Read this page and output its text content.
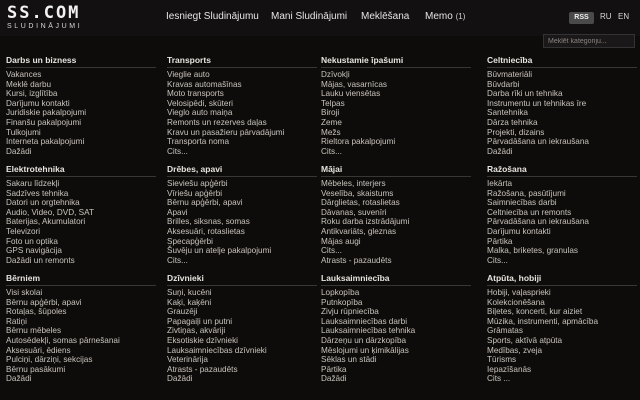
SS.COM
SLUDINĀJUMI
Iesniegt Sludinājumu Mani Sludinājumi Meklēšana Memo (1)	RSS	RU EN
Meklēt kategoriju...
Darbs un bizness
Vakances
Meklē darbu
Kursi, izglītība
Darījumu kontakti
Juridiskie pakalpojumi
Finanšu pakalpojumi
Tulkojumi
Interneta pakalpojumi
Dažādi
Transports
Vieglie auto
Kravas automašīnas
Moto transports
Velosipēdi, skūteri
Vieglo auto maiņa
Remonts un rezerves daļas
Kravu un pasažieru pārvadājumi
Transporta noma
Cits...
Nekustamie īpašumi
Dzīvokļi
Mājas, vasarnīcas
Lauku viensētas
Telpas
Biroji
Zeme
Mežs
Rieltora pakalpojumi
Cits...
Celtniecība
Būvmateriāli
Būvdarbi
Darba rīki un tehnika
Instrumentu un tehnikas īre
Santehnika
Dārza tehnika
Projekti, dizains
Pārvadāšana un iekraušana
Dažādi
Elektrotehnika
Sakaru līdzekļi
Sadzīves tehnika
Datori un orgtehnika
Audio, Video, DVD, SAT
Baterijas, Akumulatori
Televizori
Foto un optika
GPS navigācija
Dažādi un remonts
Drēbes, apavi
Sieviešu apģērbi
Vīriešu apģērbi
Bērnu apģērbi, apavi
Apavi
Brilles, siksnas, somas
Aksesuāri, rotaslietas
Specapģērbi
Šuvēju un atelje pakalpojumi
Cits...
Mājai
Mēbeles, interjers
Veselība, skaistums
Dārglietas, rotaslietas
Dāvanas, suvenīri
Roku darba izstrādājumi
Antikvariāts, gleznas
Mājas augi
Cits...
Atrasts - pazaudēts
Ražošana
Iekārta
Ražošana, pasūtījumi
Saimniecības darbi
Celtniecība un remonts
Pārvadāšana un iekraušana
Darījumu kontakti
Pārtika
Malka, briketes, granulas
Cits...
Bērniem
Visi skolai
Bērnu apģērbi, apavi
Rotaļas, šūpoles
Ratiņi
Bērnu mēbeles
Autosēdekļi, somas pārnešanai
Aksesuāri, ēdiens
Pulciņi, dārziņi, sekcijas
Bērnu pasākumi
Dažādi
Dzīvnieki
Suņi, kucēni
Kaķi, kaķēni
Grauzēji
Papagaiļi un putni
Zivtiņas, akvāriji
Eksotiskie dzīvnieki
Lauksaimniecības dzīvnieki
Veterinārija
Atrasts - pazaudēts
Dažādi
Lauksaimniecība
Lopkopība
Putnkopība
Zivju rūpniecība
Lauksaimniecības darbi
Lauksaimniecības tehnika
Dārzeņu un dārzkopība
Mēslojumi un ķimikālijas
Sēklas un stādi
Pārtika
Dažādi
Atpūta, hobiji
Hobiji, vaļasprieki
Kolekcionēšana
Biļetes, koncerti, kur aiziet
Mūzika, instrumenti, apmācība
Grāmatas
Sports, aktīvā atpūta
Medības, zveja
Tūrisms
Iepazīšanās
Cits ...
